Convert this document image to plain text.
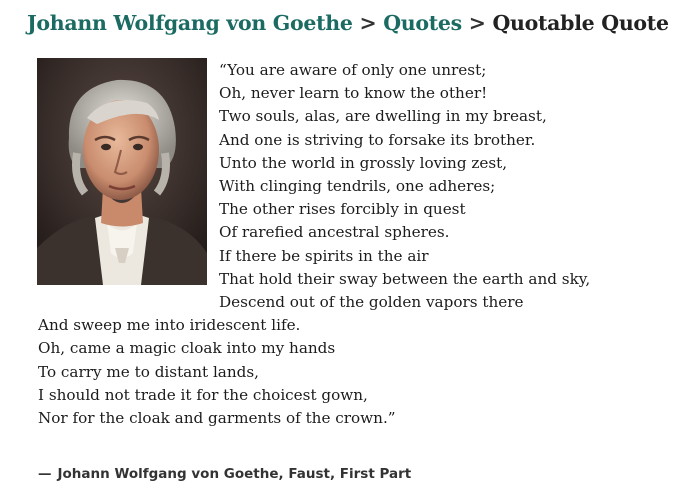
Johann Wolfgang von Goethe > Quotes > Quotable Quote

“You are aware of only one unrest;
Oh, never learn to know the other!
Two souls, alas, are dwelling in my breast,
And one is striving to forsake its brother.
Unto the world in grossly loving zest,
With clinging tendrils, one adheres;
The other rises forcibly in quest
Of rarefied ancestral spheres.
If there be spirits in the air
That hold their sway between the earth and sky,
Descend out of the golden vapors there
And sweep me into iridescent life.
Oh, came a magic cloak into my hands
To carry me to distant lands,
I should not trade it for the choicest gown,
Nor for the cloak and garments of the crown.”

— Johann Wolfgang von Goethe, Faust, First Part
